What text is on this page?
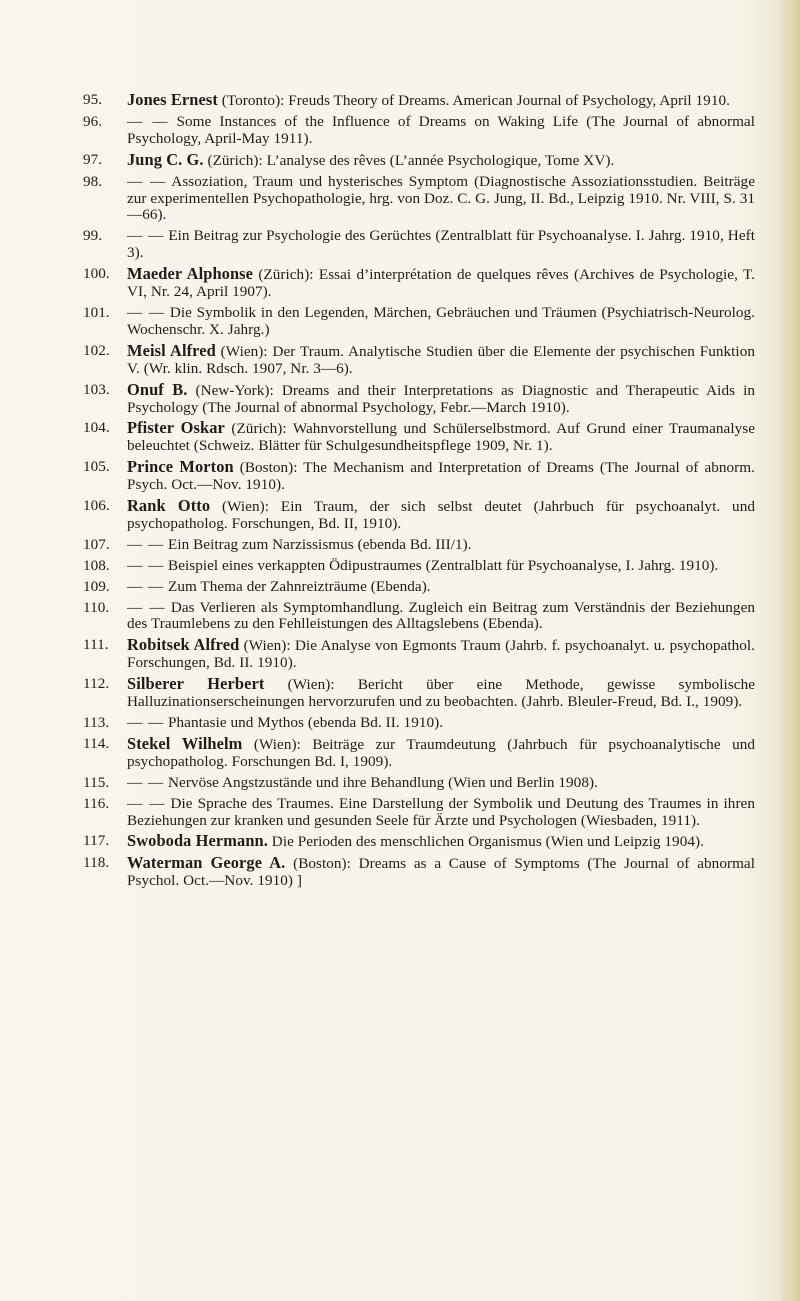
95.	Jones Ernest (Toronto): Freuds Theory of Dreams. American Journal of Psychology, April 1910.
96.	— — Some Instances of the Influence of Dreams on Waking Life (The Journal of abnormal Psychology, April-May 1911).
97.	Jung C. G. (Zürich): L’analyse des rêves (L’année Psychologique, Tome XV).
98.	— — Assoziation, Traum und hysterisches Symptom (Diagnostische Assoziationsstudien. Beiträge zur experimentellen Psychopathologie, hrg. von Doz. C. G. Jung, II. Bd., Leipzig 1910. Nr. VIII, S. 31—66).
99.	— — Ein Beitrag zur Psychologie des Gerüchtes (Zentralblatt für Psychoanalyse. I. Jahrg. 1910, Heft 3).
100.	Maeder Alphonse (Zürich): Essai d’interprétation de quelques rêves (Archives de Psychologie, T. VI, Nr. 24, April 1907).
101.	— — Die Symbolik in den Legenden, Märchen, Gebräuchen und Träumen (Psychiatrisch-Neurolog. Wochenschr. X. Jahrg.)
102.	Meisl Alfred (Wien): Der Traum. Analytische Studien über die Elemente der psychischen Funktion V. (Wr. klin. Rdsch. 1907, Nr. 3—6).
103.	Onuf B. (New-York): Dreams and their Interpretations as Diagnostic and Therapeutic Aids in Psychology (The Journal of abnormal Psychology, Febr.—March 1910).
104.	Pfister Oskar (Zürich): Wahnvorstellung und Schülerselbstmord. Auf Grund einer Traumanalyse beleuchtet (Schweiz. Blätter für Schulgesundheitspflege 1909, Nr. 1).
105.	Prince Morton (Boston): The Mechanism and Interpretation of Dreams (The Journal of abnorm. Psych. Oct.—Nov. 1910).
106.	Rank Otto (Wien): Ein Traum, der sich selbst deutet (Jahrbuch für psychoanalyt. und psychopatholog. Forschungen, Bd. II, 1910).
107.	— — Ein Beitrag zum Narzissismus (ebenda Bd. III/1).
108.	— — Beispiel eines verkappten Ödipustraumes (Zentralblatt für Psychoanalyse, I. Jahrg. 1910).
109.	— — Zum Thema der Zahnreizträume (Ebenda).
110.	— — Das Verlieren als Symptomhandlung. Zugleich ein Beitrag zum Verständnis der Beziehungen des Traumlebens zu den Fehlleistungen des Alltagslebens (Ebenda).
111.	Robitsek Alfred (Wien): Die Analyse von Egmonts Traum (Jahrb. f. psychoanalyt. u. psychopathol. Forschungen, Bd. II. 1910).
112.	Silberer Herbert (Wien): Bericht über eine Methode, gewisse symbolische Halluzinationserscheinungen hervorzurufen und zu beobachten. (Jahrb. Bleuler-Freud, Bd. I., 1909).
113.	— — Phantasie und Mythos (ebenda Bd. II. 1910).
114.	Stekel Wilhelm (Wien): Beiträge zur Traumdeutung (Jahrbuch für psychoanalytische und psychopatholog. Forschungen Bd. I, 1909).
115.	— — Nervöse Angstzustände und ihre Behandlung (Wien und Berlin 1908).
116.	— — Die Sprache des Traumes. Eine Darstellung der Symbolik und Deutung des Traumes in ihren Beziehungen zur kranken und gesunden Seele für Ärzte und Psychologen (Wiesbaden, 1911).
117.	Swoboda Hermann. Die Perioden des menschlichen Organismus (Wien und Leipzig 1904).
118.	Waterman George A. (Boston): Dreams as a Cause of Symptoms (The Journal of abnormal Psychol. Oct.—Nov. 1910) ]
